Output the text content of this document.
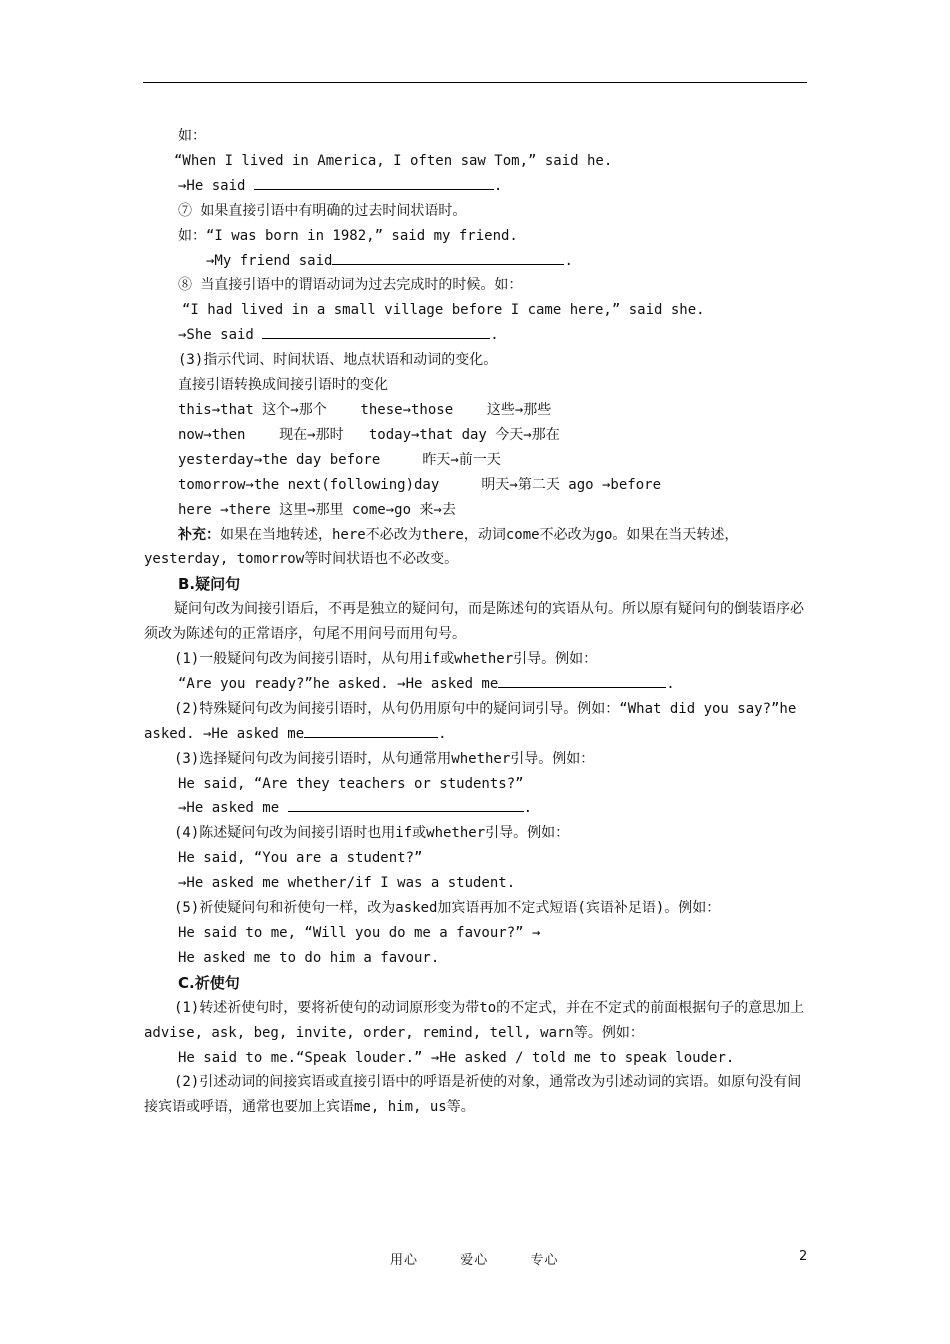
如：
“When I lived in America, I often saw Tom,” said he.
→He said	.
⑦ 如果直接引语中有明确的过去时间状语时。
如：“I was born in 1982,” said my friend.
→My friend said	.
⑧ 当直接引语中的谓语动词为过去完成时的时候。如：
“I had lived in a small village before I came here,” said she.
→She said	.
(3)指示代词、时间状语、地点状语和动词的变化。
直接引语转换成间接引语时的变化
this→that 这个→那个    these→those    这些→那些
now→then    现在→那时   today→that day 今天→那在
yesterday→the day before     昨天→前一天
tomorrow→the next(following)day     明天→第二天 ago →before
here →there 这里→那里 come→go 来→去
补充：如果在当地转述，here不必改为there，动词come不必改为go。如果在当天转述，yesterday, tomorrow等时间状语也不必改变。
B.疑问句
疑问句改为间接引语后，不再是独立的疑问句，而是陈述句的宾语从句。所以原有疑问句的倒装语序必须改为陈述句的正常语序，句尾不用问号而用句号。
(1)一般疑问句改为间接引语时，从句用if或whether引导。例如：
“Are you ready?”he asked. →He asked me	.
(2)特殊疑问句改为间接引语时，从句仍用原句中的疑问词引导。例如：“What did you say?”he asked. →He asked me	.
(3)选择疑问句改为间接引语时，从句通常用whether引导。例如：
He said, “Are they teachers or students?”
→He asked me	.
(4)陈述疑问句改为间接引语时也用if或whether引导。例如：
He said, “You are a student?”
→He asked me whether/if I was a student.
(5)祈使疑问句和祈使句一样，改为asked加宾语再加不定式短语(宾语补足语)。例如：
He said to me, “Will you do me a favour?” →
He asked me to do him a favour.
C.祈使句
(1)转述祈使句时，要将祈使句的动词原形变为带to的不定式，并在不定式的前面根据句子的意思加上advise, ask, beg, invite, order, remind, tell, warn等。例如：
He said to me.“Speak louder.” →He asked / told me to speak louder.
(2)引述动词的间接宾语或直接引语中的呼语是祈使的对象，通常改为引述动词的宾语。如原句没有间接宾语或呼语，通常也要加上宾语me, him, us等。
用心  爱心  专心	2
